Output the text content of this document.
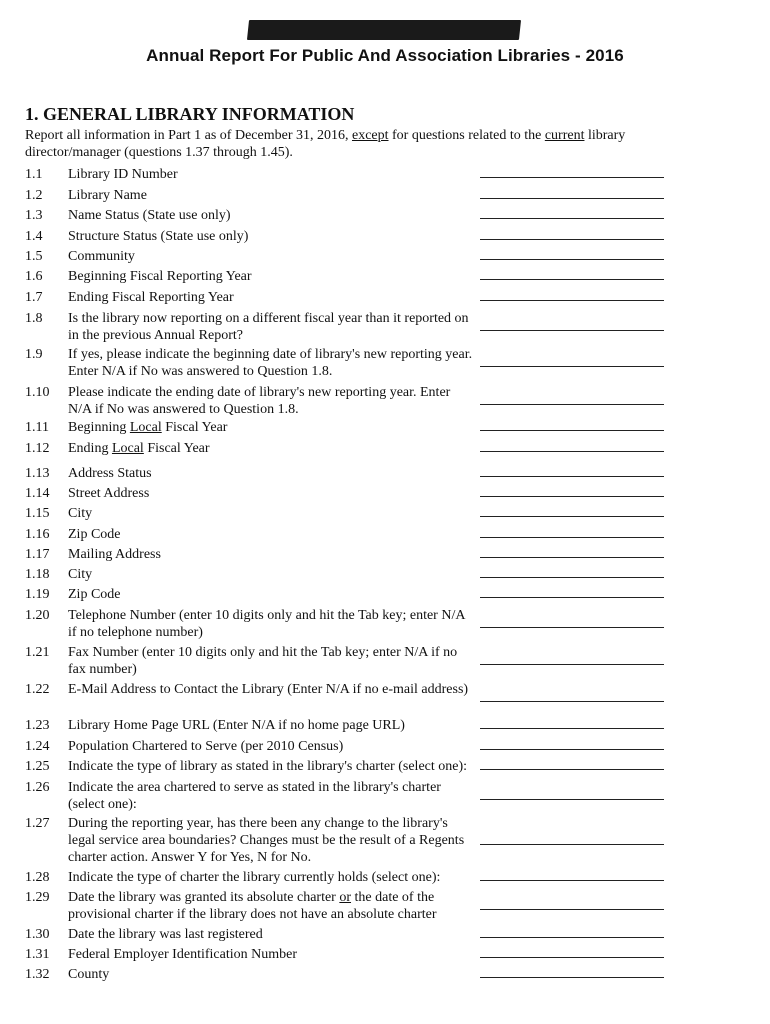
Annual Report For Public And Association Libraries - 2016
1. GENERAL LIBRARY INFORMATION
Report all information in Part 1 as of December 31, 2016, except for questions related to the current library director/manager (questions 1.37 through 1.45).
1.1 Library ID Number
1.2 Library Name
1.3 Name Status (State use only)
1.4 Structure Status (State use only)
1.5 Community
1.6 Beginning Fiscal Reporting Year
1.7 Ending Fiscal Reporting Year
1.8 Is the library now reporting on a different fiscal year than it reported on in the previous Annual Report?
1.9 If yes, please indicate the beginning date of library's new reporting year. Enter N/A if No was answered to Question 1.8.
1.10 Please indicate the ending date of library's new reporting year. Enter N/A if No was answered to Question 1.8.
1.11 Beginning Local Fiscal Year
1.12 Ending Local Fiscal Year
1.13 Address Status
1.14 Street Address
1.15 City
1.16 Zip Code
1.17 Mailing Address
1.18 City
1.19 Zip Code
1.20 Telephone Number (enter 10 digits only and hit the Tab key; enter N/A if no telephone number)
1.21 Fax Number (enter 10 digits only and hit the Tab key; enter N/A if no fax number)
1.22 E-Mail Address to Contact the Library (Enter N/A if no e-mail address)
1.23 Library Home Page URL (Enter N/A if no home page URL)
1.24 Population Chartered to Serve (per 2010 Census)
1.25 Indicate the type of library as stated in the library's charter (select one):
1.26 Indicate the area chartered to serve as stated in the library's charter (select one):
1.27 During the reporting year, has there been any change to the library's legal service area boundaries? Changes must be the result of a Regents charter action. Answer Y for Yes, N for No.
1.28 Indicate the type of charter the library currently holds (select one):
1.29 Date the library was granted its absolute charter or the date of the provisional charter if the library does not have an absolute charter
1.30 Date the library was last registered
1.31 Federal Employer Identification Number
1.32 County
